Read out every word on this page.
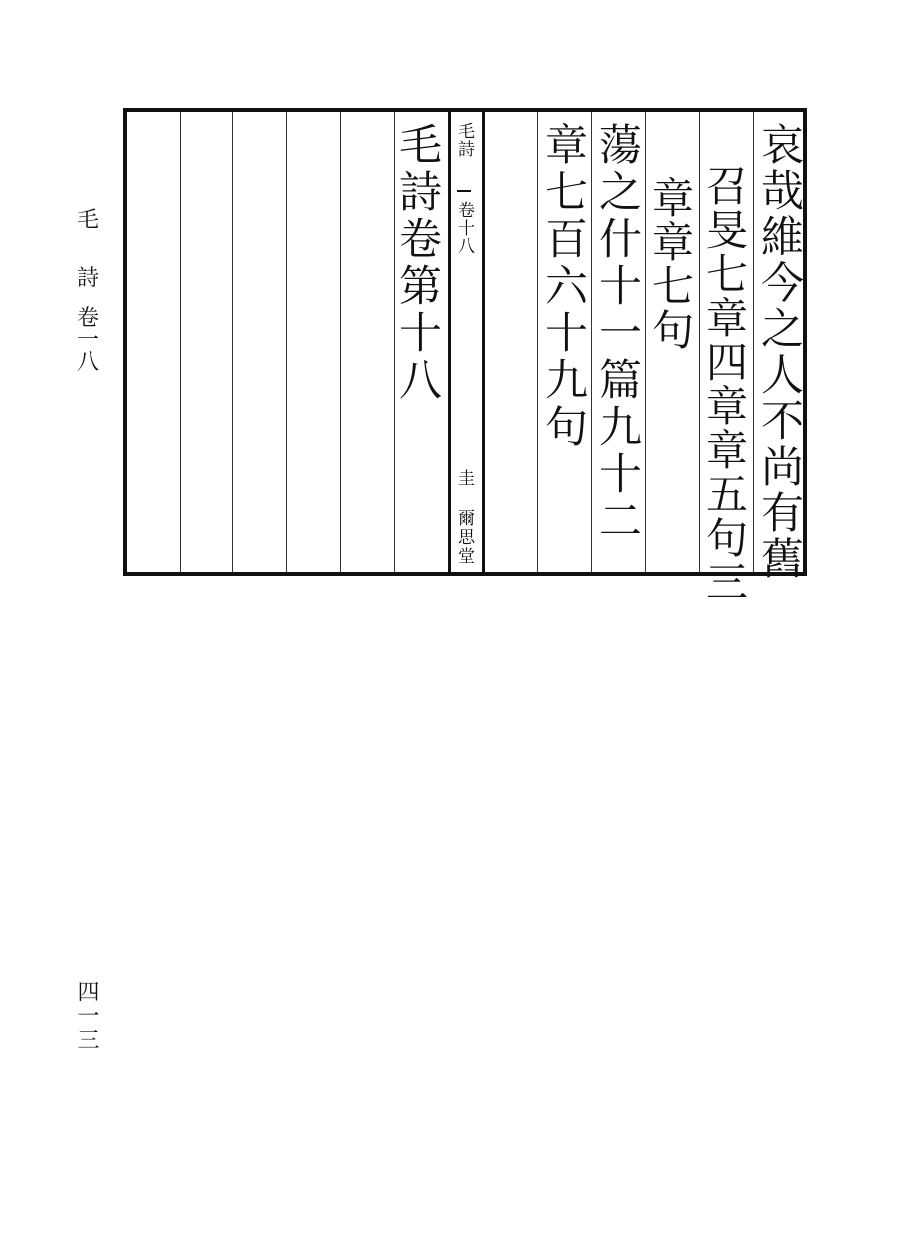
毛
詩
卷
一
八
四一三
哀哉維今之人不尚有舊
召旻七章四章章五句三
章章七句
蕩之什十一篇九十二
章七百六十九句
毛詩  卷十八
圭  爾思堂
毛詩卷第十八
